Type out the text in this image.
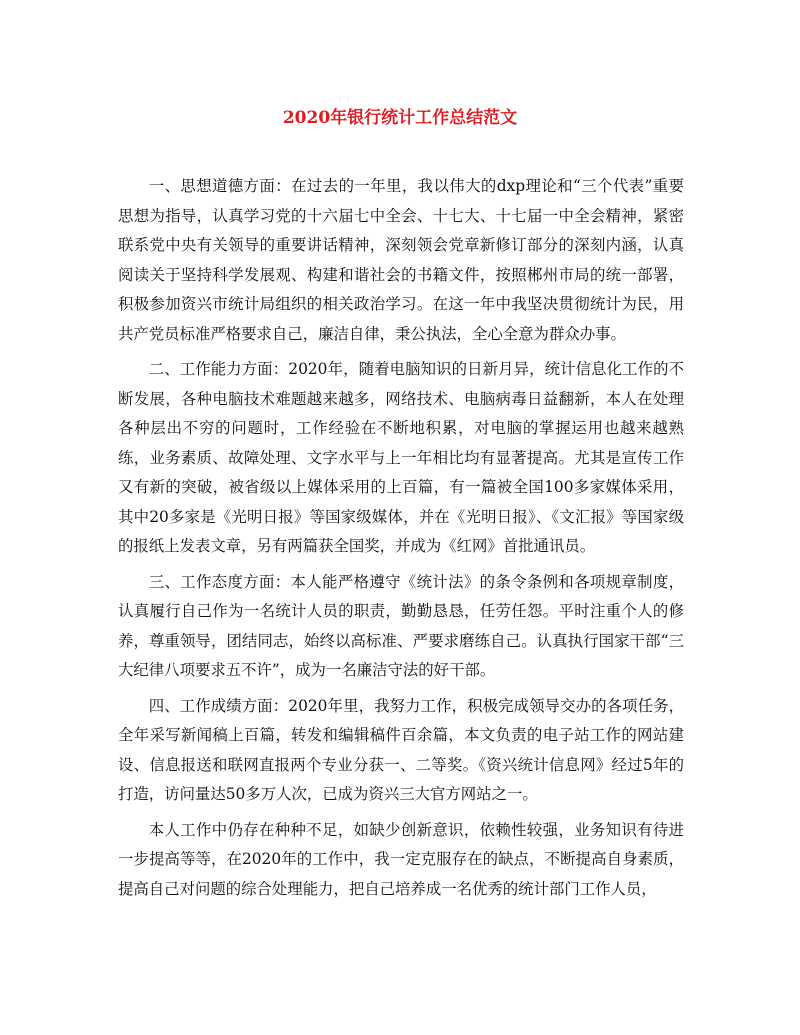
2020年银行统计工作总结范文

一、思想道德方面：在过去的一年里，我以伟大的dxp理论和“三个代表”重要思想为指导，认真学习党的十六届七中全会、十七大、十七届一中全会精神，紧密联系党中央有关领导的重要讲话精神，深刻领会党章新修订部分的深刻内涵，认真阅读关于坚持科学发展观、构建和谐社会的书籍文件，按照郴州市局的统一部署，积极参加资兴市统计局组织的相关政治学习。在这一年中我坚决贯彻统计为民，用共产党员标准严格要求自己，廉洁自律，秉公执法，全心全意为群众办事。

二、工作能力方面：2020年，随着电脑知识的日新月异，统计信息化工作的不断发展，各种电脑技术难题越来越多，网络技术、电脑病毒日益翻新，本人在处理各种层出不穷的问题时，工作经验在不断地积累，对电脑的掌握运用也越来越熟练，业务素质、故障处理、文字水平与上一年相比均有显著提高。尤其是宣传工作又有新的突破，被省级以上媒体采用的上百篇，有一篇被全国100多家媒体采用，其中20多家是《光明日报》等国家级媒体，并在《光明日报》、《文汇报》等国家级的报纸上发表文章，另有两篇获全国奖，并成为《红网》首批通讯员。

三、工作态度方面：本人能严格遵守《统计法》的条令条例和各项规章制度，认真履行自己作为一名统计人员的职责，勤勤恳恳，任劳任怨。平时注重个人的修养，尊重领导，团结同志，始终以高标准、严要求磨练自己。认真执行国家干部“三大纪律八项要求五不许”，成为一名廉洁守法的好干部。

四、工作成绩方面：2020年里，我努力工作，积极完成领导交办的各项任务，全年采写新闻稿上百篇，转发和编辑稿件百余篇，本文负责的电子站工作的网站建设、信息报送和联网直报两个专业分获一、二等奖。《资兴统计信息网》经过5年的打造，访问量达50多万人次，已成为资兴三大官方网站之一。

本人工作中仍存在种种不足，如缺少创新意识，依赖性较强，业务知识有待进一步提高等等，在2020年的工作中，我一定克服存在的缺点，不断提高自身素质，提高自己对问题的综合处理能力，把自己培养成一名优秀的统计部门工作人员，
